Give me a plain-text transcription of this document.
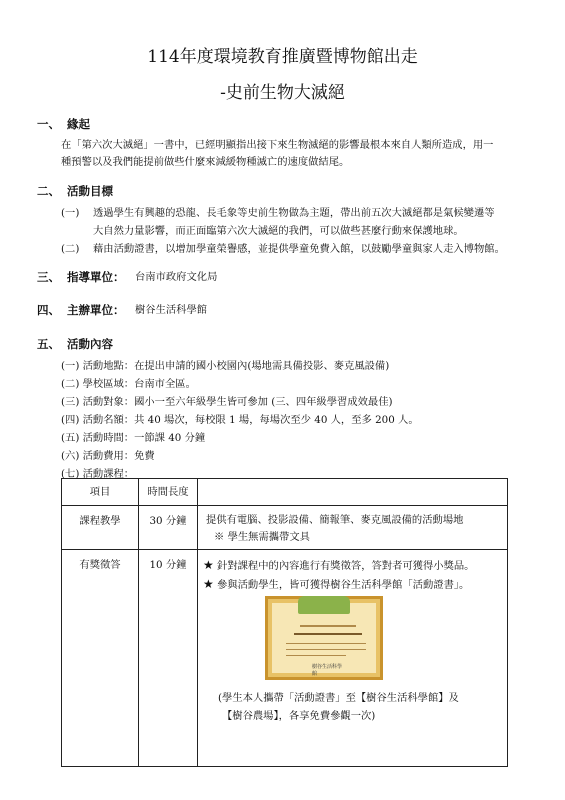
114年度環境教育推廣暨博物館出走
-史前生物大滅絕
一、 緣起
在「第六次大滅絕」一書中，已經明顯指出接下來生物滅絕的影響最根本來自人類所造成，用一
種預警以及我們能提前做些什麼來減緩物種滅亡的速度做結尾。
二、 活動目標
(一) 透過學生有興趣的恐龍、長毛象等史前生物做為主題，帶出前五次大滅絕都是氣候變遷等
大自然力量影響，而正面臨第六次大滅絕的我們，可以做些甚麼行動來保護地球。
(二) 藉由活動證書，以增加學童榮譽感，並提供學童免費入館，以鼓勵學童與家人走入博物館。
三、 指導單位： 台南市政府文化局
四、 主辦單位： 樹谷生活科學館
五、 活動內容
(一) 活動地點：在提出申請的國小校園內(場地需具備投影、麥克風設備)
(二) 學校區域：台南市全區。
(三) 活動對象：國小一至六年級學生皆可參加 (三、四年級學習成效最佳)
(四) 活動名額：共 40 場次，每校限 1 場，每場次至少 40 人，至多 200 人。
(五) 活動時間：一節課 40 分鐘
(六) 活動費用：免費
(七) 活動課程：
項目	時間長度	

課程教學	30 分鐘	提供有電腦、投影設備、簡報筆、麥克風設備的活動場地
※ 學生無需攜帶文具

有獎徵答	10 分鐘	★ 針對課程中的內容進行有獎徵答，答對者可獲得小獎品。
★ 參與活動學生，皆可獲得樹谷生活科學館「活動證書」。
樹谷生活科學館
(學生本人攜帶「活動證書」至【樹谷生活科學館】及
【樹谷農場】，各享免費參觀一次)
